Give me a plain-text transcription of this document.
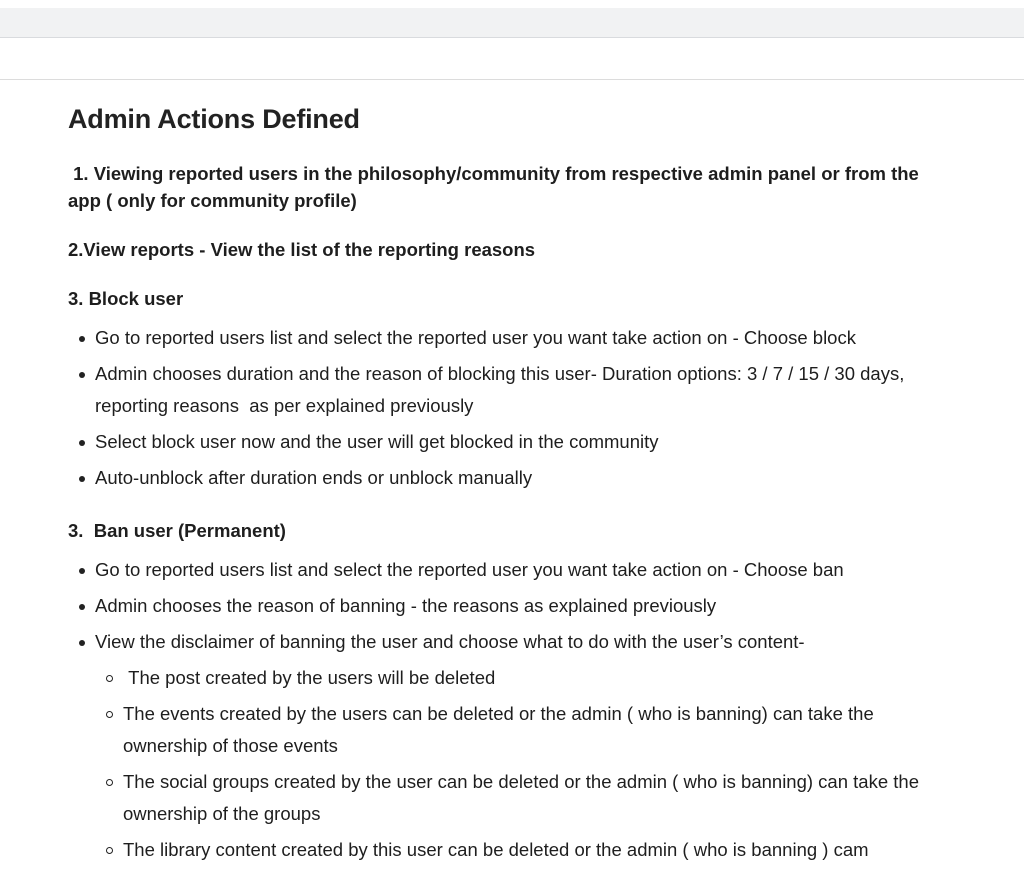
Admin Actions Defined
1. Viewing reported users in the philosophy/community from respective admin panel or from the app ( only for community profile)
2.View reports - View the list of the reporting reasons
3. Block user
Go to reported users list and select the reported user you want take action on - Choose block
Admin chooses duration and the reason of blocking this user- Duration options: 3 / 7 / 15 / 30 days, reporting reasons  as per explained previously
Select block user now and the user will get blocked in the community
Auto-unblock after duration ends or unblock manually
3.  Ban user (Permanent)
Go to reported users list and select the reported user you want take action on - Choose ban
Admin chooses the reason of banning - the reasons as explained previously
View the disclaimer of banning the user and choose what to do with the user’s content-
The post created by the users will be deleted
The events created by the users can be deleted or the admin ( who is banning) can take the ownership of those events
The social groups created by the user can be deleted or the admin ( who is banning) can take the ownership of the groups
The library content created by this user can be deleted or the admin ( who is banning ) cam
